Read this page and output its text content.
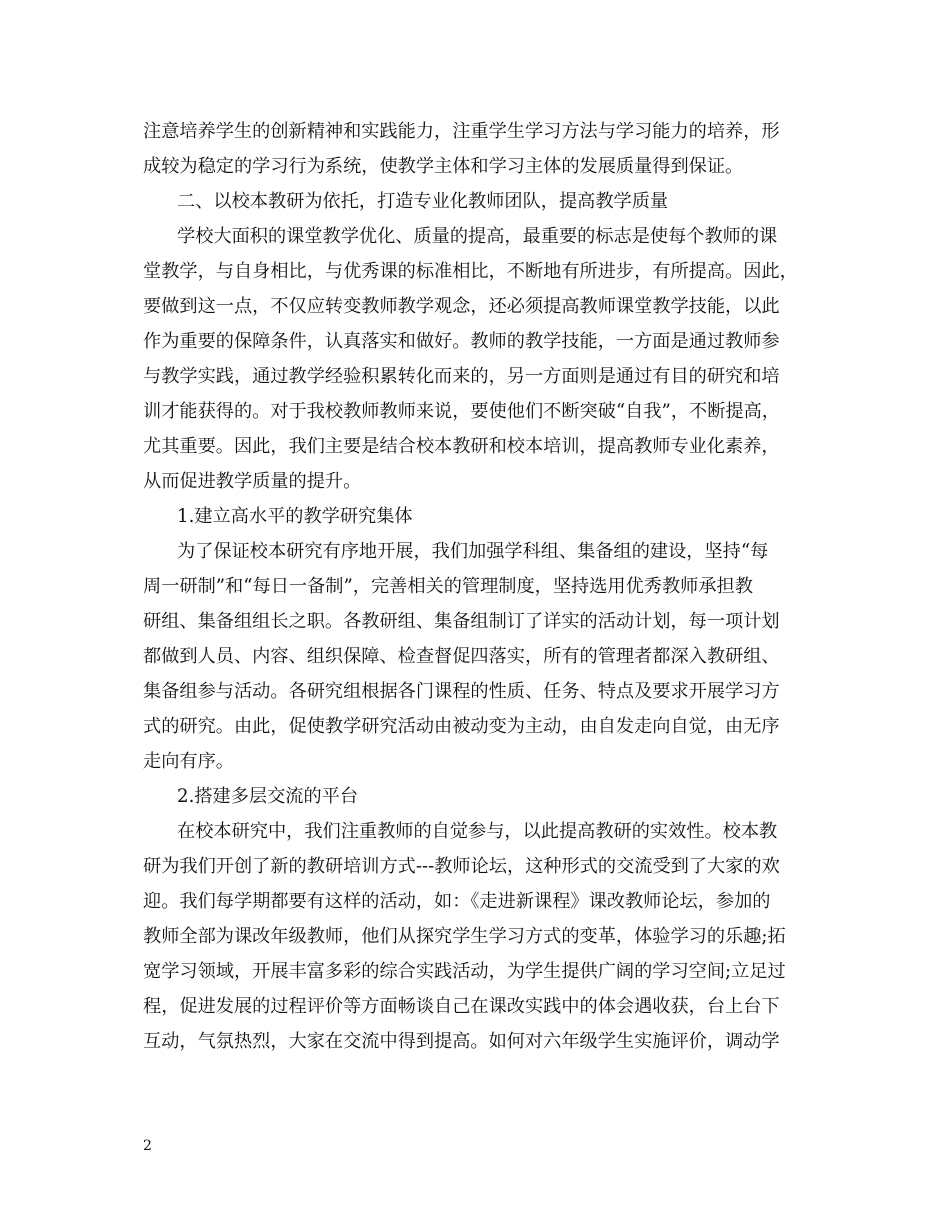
注意培养学生的创新精神和实践能力，注重学生学习方法与学习能力的培养，形
成较为稳定的学习行为系统，使教学主体和学习主体的发展质量得到保证。
二、以校本教研为依托，打造专业化教师团队，提高教学质量
学校大面积的课堂教学优化、质量的提高，最重要的标志是使每个教师的课
堂教学，与自身相比，与优秀课的标准相比，不断地有所进步，有所提高。因此，
要做到这一点，不仅应转变教师教学观念，还必须提高教师课堂教学技能，以此
作为重要的保障条件，认真落实和做好。教师的教学技能，一方面是通过教师参
与教学实践，通过教学经验积累转化而来的，另一方面则是通过有目的研究和培
训才能获得的。对于我校教师教师来说，要使他们不断突破“自我”，不断提高，
尤其重要。因此，我们主要是结合校本教研和校本培训，提高教师专业化素养，
从而促进教学质量的提升。
1.建立高水平的教学研究集体
为了保证校本研究有序地开展，我们加强学科组、集备组的建设，坚持“每
周一研制”和“每日一备制”，完善相关的管理制度，坚持选用优秀教师承担教
研组、集备组组长之职。各教研组、集备组制订了详实的活动计划，每一项计划
都做到人员、内容、组织保障、检查督促四落实，所有的管理者都深入教研组、
集备组参与活动。各研究组根据各门课程的性质、任务、特点及要求开展学习方
式的研究。由此，促使教学研究活动由被动变为主动，由自发走向自觉，由无序
走向有序。
2.搭建多层交流的平台
在校本研究中，我们注重教师的自觉参与，以此提高教研的实效性。校本教
研为我们开创了新的教研培训方式---教师论坛，这种形式的交流受到了大家的欢
迎。我们每学期都要有这样的活动，如：《走进新课程》课改教师论坛，参加的
教师全部为课改年级教师，他们从探究学生学习方式的变革，体验学习的乐趣;拓
宽学习领域，开展丰富多彩的综合实践活动，为学生提供广阔的学习空间;立足过
程，促进发展的过程评价等方面畅谈自己在课改实践中的体会遇收获，台上台下
互动，气氛热烈，大家在交流中得到提高。如何对六年级学生实施评价，调动学
2
